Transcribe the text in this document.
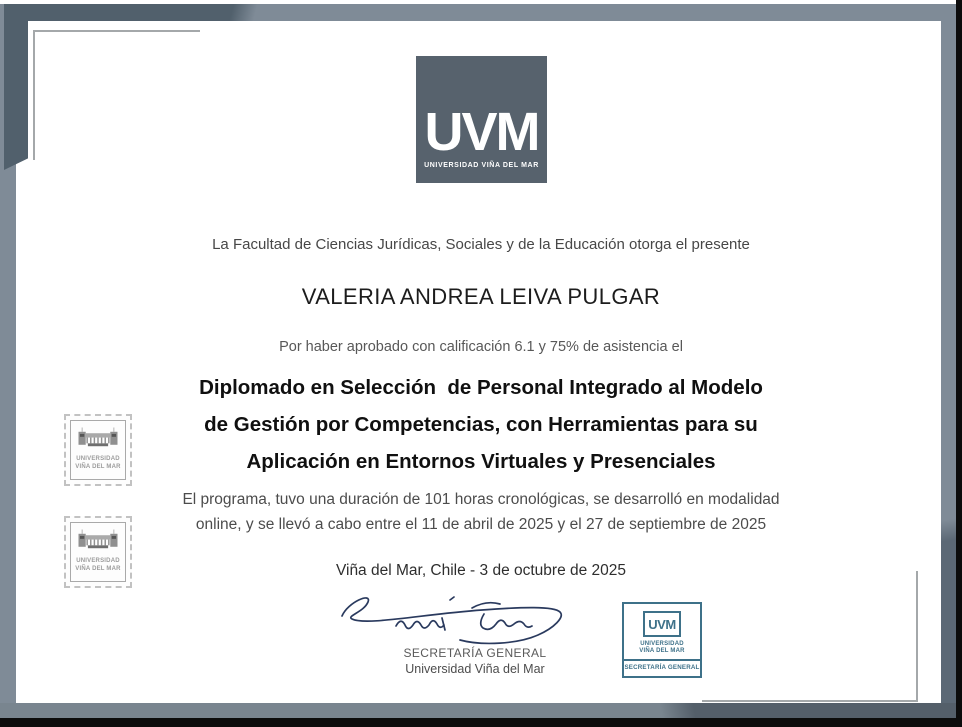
UVM
UNIVERSIDAD VIÑA DEL MAR
La Facultad de Ciencias Jurídicas, Sociales y de la Educación otorga el presente
VALERIA ANDREA LEIVA PULGAR
Por haber aprobado con calificación 6.1 y 75% de asistencia el
Diplomado en Selección  de Personal Integrado al Modelo
de Gestión por Competencias, con Herramientas para su
Aplicación en Entornos Virtuales y Presenciales
El programa, tuvo una duración de 101 horas cronológicas, se desarrolló en modalidad
online, y se llevó a cabo entre el 11 de abril de 2025 y el 27 de septiembre de 2025
Viña del Mar, Chile - 3 de octubre de 2025
SECRETARÍA GENERAL
Universidad Viña del Mar
UVM
UNIVERSIDAD
VIÑA DEL MAR
SECRETARÍA GENERAL
UNIVERSIDAD
VIÑA DEL MAR
UNIVERSIDAD
VIÑA DEL MAR
